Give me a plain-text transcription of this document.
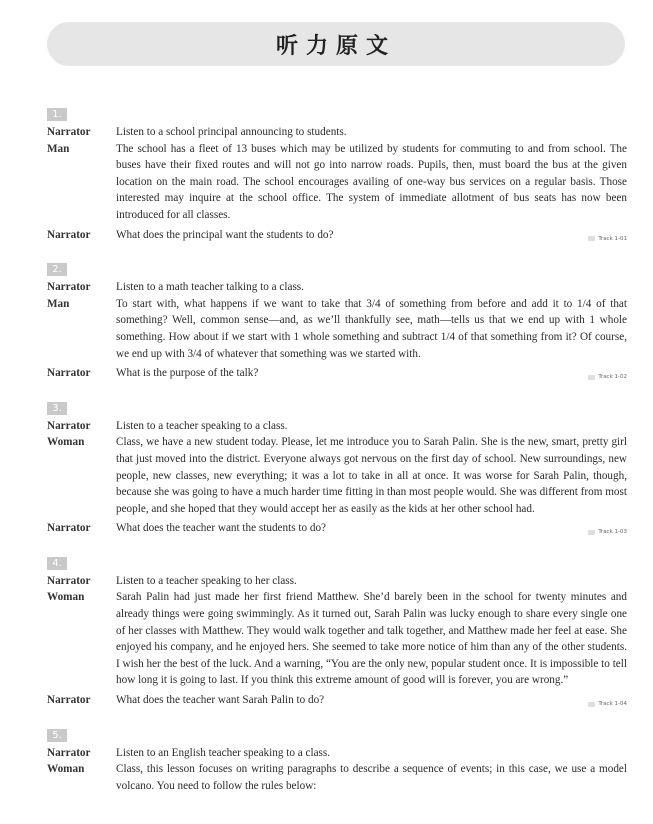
听力原文
1.
Narrator	Listen to a school principal announcing to students.
Man	The school has a fleet of 13 buses which may be utilized by students for commuting to and from school. The buses have their fixed routes and will not go into narrow roads. Pupils, then, must board the bus at the given location on the main road. The school encourages availing of one-way bus services on a regular basis. Those interested may inquire at the school office. The system of immediate allotment of bus seats has now been introduced for all classes.
Narrator	What does the principal want the students to do?	Track 1-01
2.
Narrator	Listen to a math teacher talking to a class.
Man	To start with, what happens if we want to take that 3/4 of something from before and add it to 1/4 of that something? Well, common sense—and, as we’ll thankfully see, math—tells us that we end up with 1 whole something. How about if we start with 1 whole something and subtract 1/4 of that something from it? Of course, we end up with 3/4 of whatever that something was we started with.
Narrator	What is the purpose of the talk?	Track 1-02
3.
Narrator	Listen to a teacher speaking to a class.
Woman	Class, we have a new student today. Please, let me introduce you to Sarah Palin. She is the new, smart, pretty girl that just moved into the district. Everyone always got nervous on the first day of school. New surroundings, new people, new classes, new everything; it was a lot to take in all at once. It was worse for Sarah Palin, though, because she was going to have a much harder time fitting in than most people would. She was different from most people, and she hoped that they would accept her as easily as the kids at her other school had.
Narrator	What does the teacher want the students to do?	Track 1-03
4.
Narrator	Listen to a teacher speaking to her class.
Woman	Sarah Palin had just made her first friend Matthew. She’d barely been in the school for twenty minutes and already things were going swimmingly. As it turned out, Sarah Palin was lucky enough to share every single one of her classes with Matthew. They would walk together and talk together, and Matthew made her feel at ease. She enjoyed his company, and he enjoyed hers. She seemed to take more notice of him than any of the other students. I wish her the best of the luck. And a warning, “You are the only new, popular student once. It is impossible to tell how long it is going to last. If you think this extreme amount of good will is forever, you are wrong.”
Narrator	What does the teacher want Sarah Palin to do?	Track 1-04
5.
Narrator	Listen to an English teacher speaking to a class.
Woman	Class, this lesson focuses on writing paragraphs to describe a sequence of events; in this case, we use a model volcano. You need to follow the rules below:
